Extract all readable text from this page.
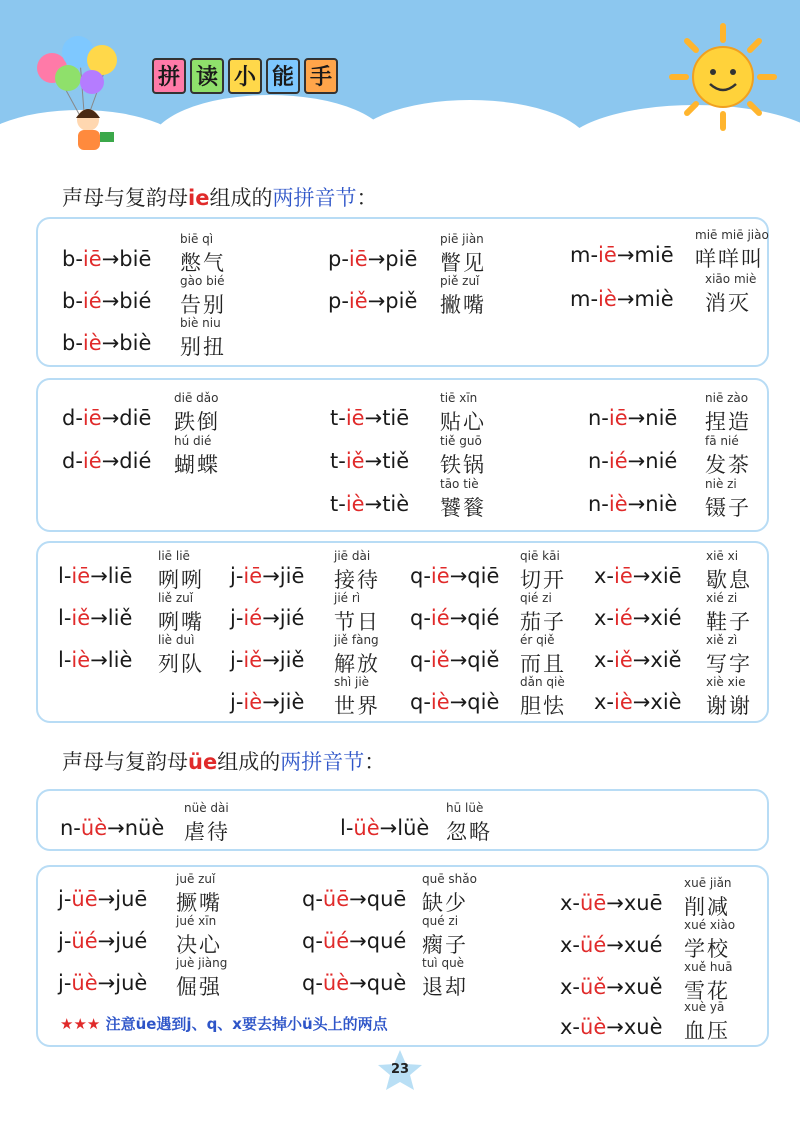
拼 读 小 能 手
声母与复韵母ie组成的两拼音节：
声母与复韵母üe组成的两拼音节：
★★★ 注意üe遇到j、q、x要去掉小ü头上的两点
23
b-iē→biē
biē qì
憋气
b-ié→bié
gào bié
告别
b-iè→biè
biè niu
别扭
p-iē→piē
piē jiàn
瞥见
p-iě→piě
piě zuǐ
撇嘴
m-iē→miē
miē miē jiào
咩咩叫
m-iè→miè
xiāo miè
消灭
d-iē→diē
diē dǎo
跌倒
d-ié→dié
hú dié
蝴蝶
t-iē→tiē
tiē xīn
贴心
t-iě→tiě
tiě guō
铁锅
t-iè→tiè
tāo tiè
饕餮
n-iē→niē
niē zào
捏造
n-ié→nié
fā nié
发茶
n-iè→niè
niè zi
镊子
l-iē→liē
liē liē
咧咧
l-iě→liě
liě zuǐ
咧嘴
l-iè→liè
liè duì
列队
j-iē→jiē
jiē dài
接待
j-ié→jié
jié rì
节日
j-iě→jiě
jiě fàng
解放
j-iè→jiè
shì jiè
世界
q-iē→qiē
qiē kāi
切开
q-ié→qié
qié zi
茄子
q-iě→qiě
ér qiě
而且
q-iè→qiè
dǎn qiè
胆怯
x-iē→xiē
xiē xi
歇息
x-ié→xié
xié zi
鞋子
x-iě→xiě
xiě zì
写字
x-iè→xiè
xiè xie
谢谢
n-üè→nüè
nüè dài
虐待	l-üè→lüè
hū lüè
忽略
j-üē→juē
juē zuǐ
撅嘴
j-üé→jué
jué xīn
决心
j-üè→juè
juè jiàng
倔强
q-üē→quē
quē shǎo
缺少
q-üé→qué
qué zi
瘸子
q-üè→què
tuì què
退却
x-üē→xuē
xuē jiǎn
削减
x-üé→xué
xué xiào
学校
x-üě→xuě
xuě huā
雪花
x-üè→xuè
xuè yā
血压
